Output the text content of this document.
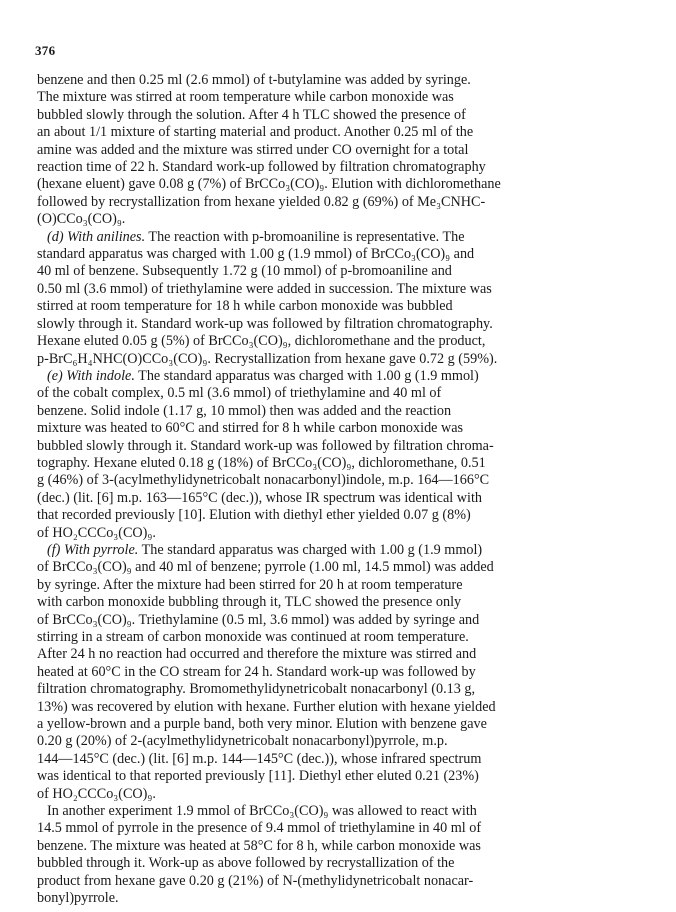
376
benzene and then 0.25 ml (2.6 mmol) of t-butylamine was added by syringe.
The mixture was stirred at room temperature while carbon monoxide was
bubbled slowly through the solution. After 4 h TLC showed the presence of
an about 1/1 mixture of starting material and product. Another 0.25 ml of the
amine was added and the mixture was stirred under CO overnight for a total
reaction time of 22 h. Standard work-up followed by filtration chromatography
(hexane eluent) gave 0.08 g (7%) of BrCCo₃(CO)₉. Elution with dichloromethane
followed by recrystallization from hexane yielded 0.82 g (69%) of Me₃CNHC-
(O)CCo₃(CO)₉.
(d) With anilines. The reaction with p-bromoaniline is representative. The
standard apparatus was charged with 1.00 g (1.9 mmol) of BrCCo₃(CO)₉ and
40 ml of benzene. Subsequently 1.72 g (10 mmol) of p-bromoaniline and
0.50 ml (3.6 mmol) of triethylamine were added in succession. The mixture was
stirred at room temperature for 18 h while carbon monoxide was bubbled
slowly through it. Standard work-up was followed by filtration chromatography.
Hexane eluted 0.05 g (5%) of BrCCo₃(CO)₉, dichloromethane and the product,
p-BrC₆H₄NHC(O)CCo₃(CO)₉. Recrystallization from hexane gave 0.72 g (59%).
(e) With indole. The standard apparatus was charged with 1.00 g (1.9 mmol)
of the cobalt complex, 0.5 ml (3.6 mmol) of triethylamine and 40 ml of
benzene. Solid indole (1.17 g, 10 mmol) then was added and the reaction
mixture was heated to 60°C and stirred for 8 h while carbon monoxide was
bubbled slowly through it. Standard work-up was followed by filtration chroma-
tography. Hexane eluted 0.18 g (18%) of BrCCo₃(CO)₉, dichloromethane, 0.51
g (46%) of 3-(acylmethylidynetricobalt nonacarbonyl)indole, m.p. 164—166°C
(dec.) (lit. [6] m.p. 163—165°C (dec.)), whose IR spectrum was identical with
that recorded previously [10]. Elution with diethyl ether yielded 0.07 g (8%)
of HO₂CCCo₃(CO)₉.
(f) With pyrrole. The standard apparatus was charged with 1.00 g (1.9 mmol)
of BrCCo₃(CO)₉ and 40 ml of benzene; pyrrole (1.00 ml, 14.5 mmol) was added
by syringe. After the mixture had been stirred for 20 h at room temperature
with carbon monoxide bubbling through it, TLC showed the presence only
of BrCCo₃(CO)₉. Triethylamine (0.5 ml, 3.6 mmol) was added by syringe and
stirring in a stream of carbon monoxide was continued at room temperature.
After 24 h no reaction had occurred and therefore the mixture was stirred and
heated at 60°C in the CO stream for 24 h. Standard work-up was followed by
filtration chromatography. Bromomethylidynetricobalt nonacarbonyl (0.13 g,
13%) was recovered by elution with hexane. Further elution with hexane yielded
a yellow-brown and a purple band, both very minor. Elution with benzene gave
0.20 g (20%) of 2-(acylmethylidynetricobalt nonacarbonyl)pyrrole, m.p.
144—145°C (dec.) (lit. [6] m.p. 144—145°C (dec.)), whose infrared spectrum
was identical to that reported previously [11]. Diethyl ether eluted 0.21 (23%)
of HO₂CCCo₃(CO)₉.
In another experiment 1.9 mmol of BrCCo₃(CO)₉ was allowed to react with
14.5 mmol of pyrrole in the presence of 9.4 mmol of triethylamine in 40 ml of
benzene. The mixture was heated at 58°C for 8 h, while carbon monoxide was
bubbled through it. Work-up as above followed by recrystallization of the
product from hexane gave 0.20 g (21%) of N-(methylidynetricobalt nonacar-
bonyl)pyrrole.
